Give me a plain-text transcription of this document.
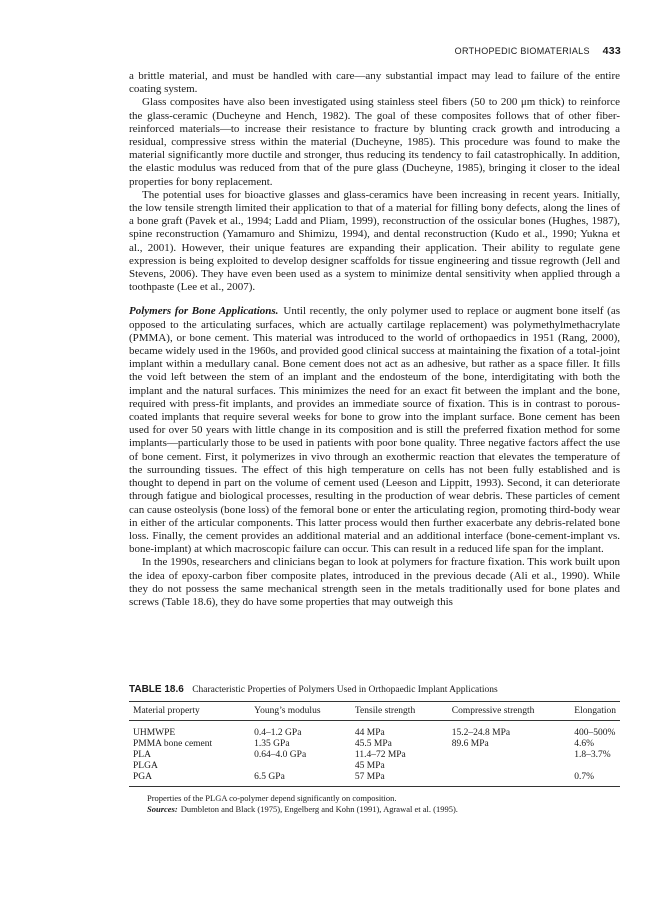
ORTHOPEDIC BIOMATERIALS 433

a brittle material, and must be handled with care—any substantial impact may lead to failure of the entire coating system.

Glass composites have also been investigated using stainless steel fibers (50 to 200 μm thick) to reinforce the glass-ceramic (Ducheyne and Hench, 1982). The goal of these composites follows that of other fiber-reinforced materials—to increase their resistance to fracture by blunting crack growth and introducing a residual, compressive stress within the material (Ducheyne, 1985). This procedure was found to make the material significantly more ductile and stronger, thus reducing its tendency to fail catastrophically. In addition, the elastic modulus was reduced from that of the pure glass (Ducheyne, 1985), bringing it closer to the ideal properties for bony replacement.

The potential uses for bioactive glasses and glass-ceramics have been increasing in recent years. Initially, the low tensile strength limited their application to that of a material for filling bony defects, along the lines of a bone graft (Pavek et al., 1994; Ladd and Pliam, 1999), reconstruction of the ossicular bones (Hughes, 1987), spine reconstruction (Yamamuro and Shimizu, 1994), and dental reconstruction (Kudo et al., 1990; Yukna et al., 2001). However, their unique features are expanding their application. Their ability to regulate gene expression is being exploited to develop designer scaffolds for tissue engineering and tissue regrowth (Jell and Stevens, 2006). They have even been used as a system to minimize dental sensitivity when applied through a toothpaste (Lee et al., 2007).

Polymers for Bone Applications. Until recently, the only polymer used to replace or augment bone itself (as opposed to the articulating surfaces, which are actually cartilage replacement) was polymethylmethacrylate (PMMA), or bone cement. This material was introduced to the world of orthopaedics in 1951 (Rang, 2000), became widely used in the 1960s, and provided good clinical success at maintaining the fixation of a total-joint implant within a medullary canal. Bone cement does not act as an adhesive, but rather as a space filler. It fills the void left between the stem of an implant and the endosteum of the bone, interdigitating with both the implant and the natural surfaces. This minimizes the need for an exact fit between the implant and the bone, required with press-fit implants, and provides an immediate source of fixation. This is in contrast to porous-coated implants that require several weeks for bone to grow into the implant surface. Bone cement has been used for over 50 years with little change in its composition and is still the preferred fixation method for some implants—particularly those to be used in patients with poor bone quality. Three negative factors affect the use of bone cement. First, it polymerizes in vivo through an exothermic reaction that elevates the temperature of the surrounding tissues. The effect of this high temperature on cells has not been fully established and is thought to depend in part on the volume of cement used (Leeson and Lippitt, 1993). Second, it can deteriorate through fatigue and biological processes, resulting in the production of wear debris. These particles of cement can cause osteolysis (bone loss) of the femoral bone or enter the articulating region, promoting third-body wear in either of the articular components. This latter process would then further exacerbate any debris-related bone loss. Finally, the cement provides an additional material and an additional interface (bone-cement-implant vs. bone-implant) at which macroscopic failure can occur. This can result in a reduced life span for the implant.

In the 1990s, researchers and clinicians began to look at polymers for fracture fixation. This work built upon the idea of epoxy-carbon fiber composite plates, introduced in the previous decade (Ali et al., 1990). While they do not possess the same mechanical strength seen in the metals traditionally used for bone plates and screws (Table 18.6), they do have some properties that may outweigh this

TABLE 18.6 Characteristic Properties of Polymers Used in Orthopaedic Implant Applications
Material property	Young’s modulus	Tensile strength	Compressive strength	Elongation
UHMWPE	0.4–1.2 GPa	44 MPa	15.2–24.8 MPa	400–500%
PMMA bone cement	1.35 GPa	45.5 MPa	89.6 MPa	4.6%
PLA	0.64–4.0 GPa	11.4–72 MPa		1.8–3.7%
PLGA		45 MPa		
PGA	6.5 GPa	57 MPa		0.7%
Properties of the PLGA co-polymer depend significantly on composition.
Sources: Dumbleton and Black (1975), Engelberg and Kohn (1991), Agrawal et al. (1995).
